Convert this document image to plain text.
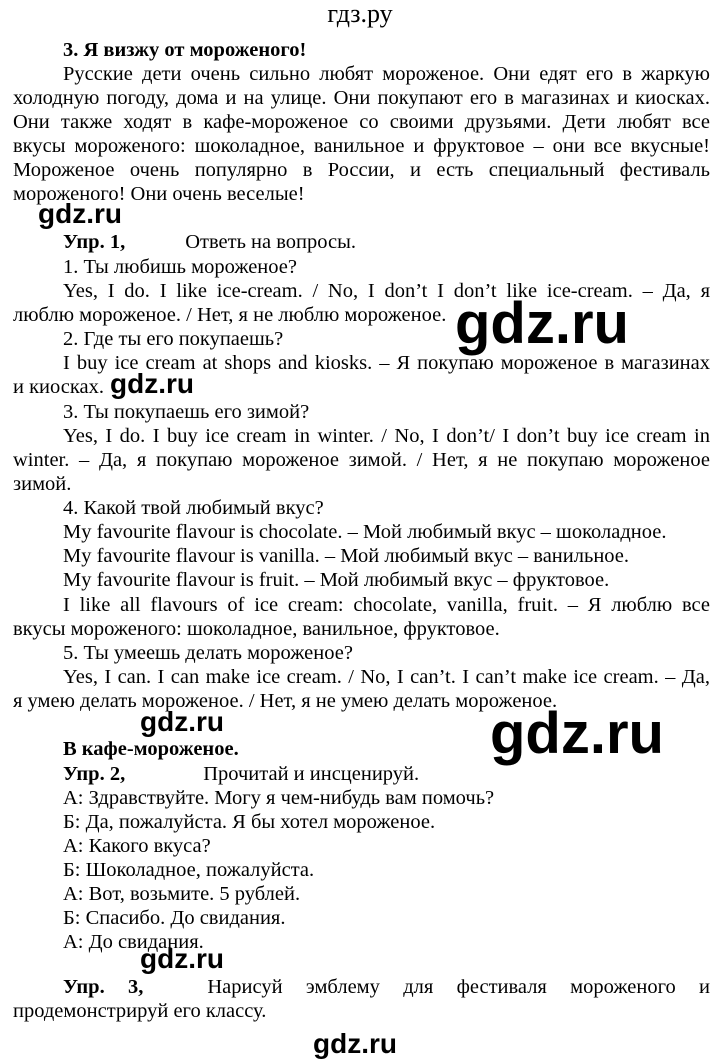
гдз.ру
3. Я визжу от мороженого!
Русские дети очень сильно любят мороженое. Они едят его в жаркую
холодную погоду, дома и на улице. Они покупают его в магазинах и киосках.
Они также ходят в кафе-мороженое со своими друзьями. Дети любят все
вкусы мороженого: шоколадное, ванильное и фруктовое – они все вкусные!
Мороженое очень популярно в России, и есть специальный фестиваль
мороженого! Они очень веселые!
gdz.ru
Упр. 1,	Ответь на вопросы.
1. Ты любишь мороженое?
Yes, I do. I like ice-cream. / No, I don’t I don’t like ice-cream. – Да, я
люблю мороженое. / Нет, я не люблю мороженое. gdz.ru
2. Где ты его покупаешь?
I buy ice cream at shops and kiosks. – Я покупаю мороженое в магазинах
и киосках. gdz.ru
3. Ты покупаешь его зимой?
Yes, I do. I buy ice cream in winter. / No, I don’t/ I don’t buy ice cream in
winter. – Да, я покупаю мороженое зимой. / Нет, я не покупаю мороженое
зимой.
4. Какой твой любимый вкус?
My favourite flavour is chocolate. – Мой любимый вкус – шоколадное.
My favourite flavour is vanilla. – Мой любимый вкус – ванильное.
My favourite flavour is fruit. – Мой любимый вкус – фруктовое.
I like all flavours of ice cream: chocolate, vanilla, fruit. – Я люблю все
вкусы мороженого: шоколадное, ванильное, фруктовое.
5. Ты умеешь делать мороженое?
Yes, I can. I can make ice cream. / No, I can’t. I can’t make ice cream. – Да,
я умею делать мороженое. / Нет, я не умею делать мороженое.
gdz.ru	gdz.ru
В кафе-мороженое.
Упр. 2,	Прочитай и инсценируй.
А: Здравствуйте. Могу я чем-нибудь вам помочь?
Б: Да, пожалуйста. Я бы хотел мороженое.
А: Какого вкуса?
Б: Шоколадное, пожалуйста.
А: Вот, возьмите. 5 рублей.
Б: Спасибо. До свидания.
А: До свидания.
gdz.ru
Упр. 3,	Нарисуй эмблему для фестиваля мороженого и
продемонстрируй его классу.
gdz.ru
